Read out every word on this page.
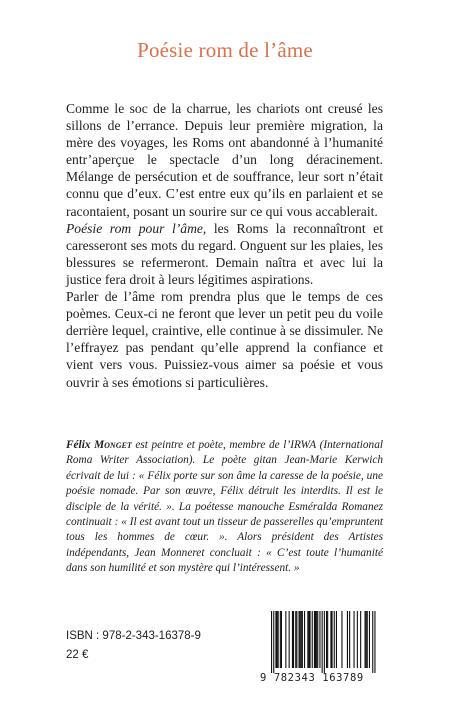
Poésie rom de l’âme

Comme le soc de la charrue, les chariots ont creusé les sillons de l’errance. Depuis leur première migration, la mère des voyages, les Roms ont abandonné à l’humanité entr’aperçue le spectacle d’un long déracinement. Mélange de persécution et de souffrance, leur sort n’était connu que d’eux. C’est entre eux qu’ils en parlaient et se racontaient, posant un sourire sur ce qui vous accablerait.

Poésie rom pour l’âme, les Roms la reconnaîtront et caresseront ses mots du regard. Onguent sur les plaies, les blessures se refermeront. Demain naîtra et avec lui la justice fera droit à leurs légitimes aspirations.

Parler de l’âme rom prendra plus que le temps de ces poèmes. Ceux-ci ne feront que lever un petit peu du voile derrière lequel, craintive, elle continue à se dissimuler. Ne l’effrayez pas pendant qu’elle apprend la confiance et vient vers vous. Puissiez-vous aimer sa poésie et vous ouvrir à ses émotions si particulières.

Félix Monget est peintre et poète, membre de l’IRWA (International Roma Writer Association). Le poète gitan Jean-Marie Kerwich écrivait de lui : « Félix porte sur son âme la caresse de la poésie, une poésie nomade. Par son œuvre, Félix détruit les interdits. Il est le disciple de la vérité. ». La poétesse manouche Esméralda Romanez continuait : « Il est avant tout un tisseur de passerelles qu’empruntent tous les hommes de cœur. ». Alors président des Artistes indépendants, Jean Monneret concluait : « C’est toute l’humanité dans son humilité et son mystère qui l’intéressent. »

ISBN : 978-2-343-16378-9
22 €
9 782343 163789
